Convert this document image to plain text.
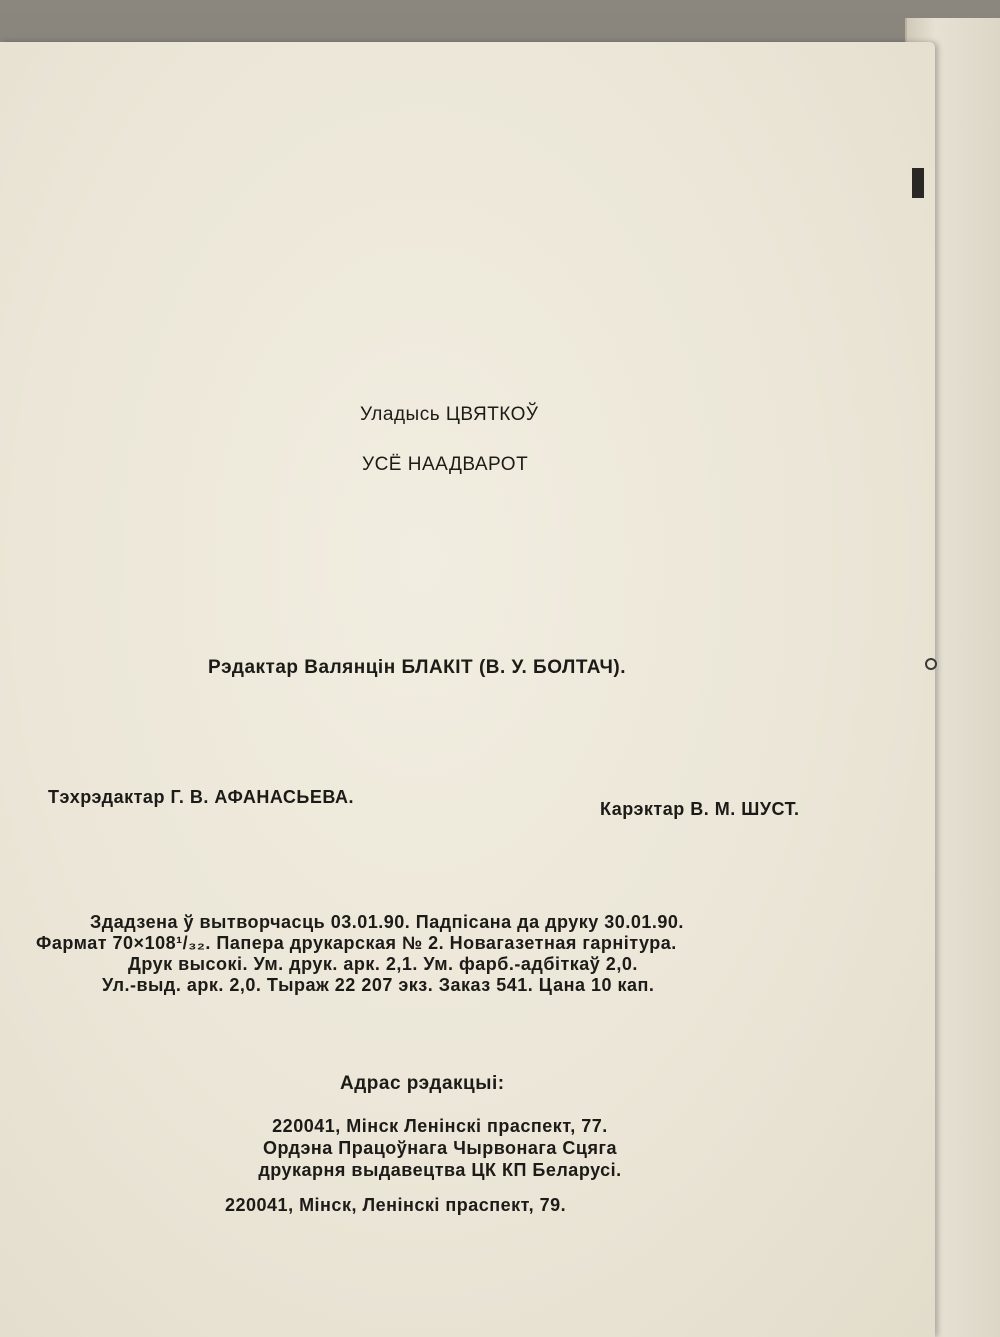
Уладысь ЦВЯТКОЎ
УСЁ НААДВАРОТ
Рэдактар Валянцін БЛАКІТ (В. У. БОЛТАЧ).
Тэхрэдактар Г. В. АФАНАСЬЕВА.
Карэктар В. М. ШУСТ.
Здадзена ў вытворчасць 03.01.90. Падпісана да друку 30.01.90.
Фармат 70×108¹/₃₂. Папера друкарская № 2. Новагазетная гарнітура.
Друк высокі. Ум. друк. арк. 2,1. Ум. фарб.-адбіткаў 2,0.
Ул.-выд. арк. 2,0. Тыраж 22 207 экз. Заказ 541. Цана 10 кап.
Адрас рэдакцыі:
220041, Мінск Ленінскі праспект, 77.
Ордэна Працоўнага Чырвонага Сцяга
друкарня выдавецтва ЦК КП Беларусі.
220041, Мінск, Ленінскі праспект, 79.
